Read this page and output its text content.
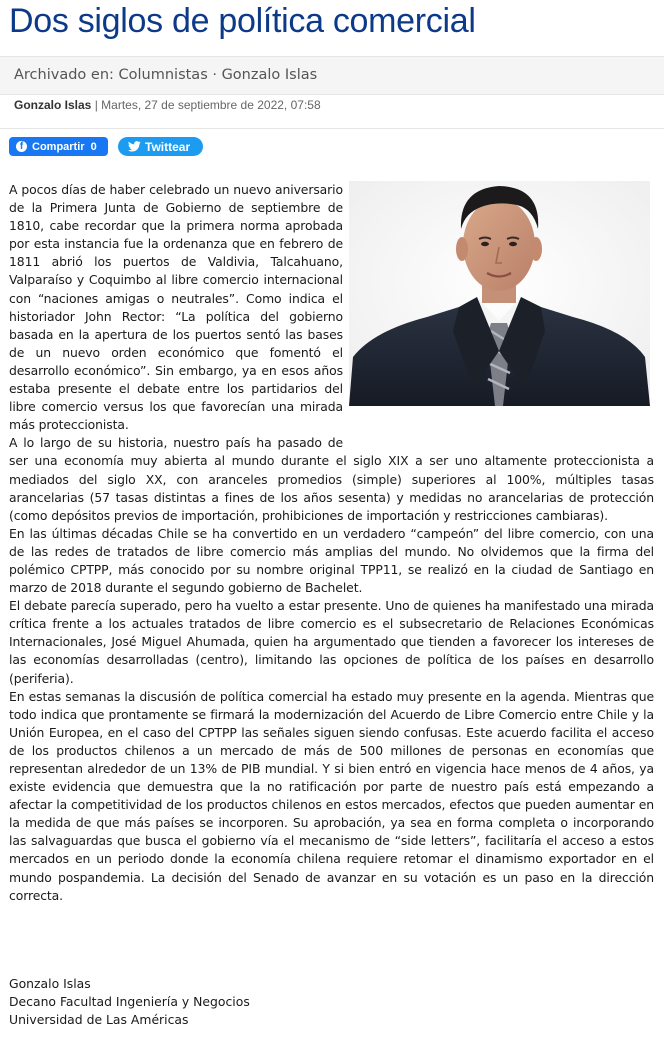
Dos siglos de política comercial
Archivado en: Columnistas · Gonzalo Islas
Gonzalo Islas | Martes, 27 de septiembre de 2022, 07:58
f Compartir 0	Twittear

A pocos días de haber celebrado un nuevo aniversario de la Primera Junta de Gobierno de septiembre de 1810, cabe recordar que la primera norma aprobada por esta instancia fue la ordenanza que en febrero de 1811 abrió los puertos de Valdivia, Talcahuano, Valparaíso y Coquimbo al libre comercio internacional con “naciones amigas o neutrales”. Como indica el historiador John Rector: “La política del gobierno basada en la apertura de los puertos sentó las bases de un nuevo orden económico que fomentó el desarrollo económico”. Sin embargo, ya en esos años estaba presente el debate entre los partidarios del libre comercio versus los que favorecían una mirada más proteccionista.

A lo largo de su historia, nuestro país ha pasado de ser una economía muy abierta al mundo durante el siglo XIX a ser uno altamente proteccionista a mediados del siglo XX, con aranceles promedios (simple) superiores al 100%, múltiples tasas arancelarias (57 tasas distintas a fines de los años sesenta) y medidas no arancelarias de protección (como depósitos previos de importación, prohibiciones de importación y restricciones cambiaras).

En las últimas décadas Chile se ha convertido en un verdadero “campeón” del libre comercio, con una de las redes de tratados de libre comercio más amplias del mundo. No olvidemos que la firma del polémico CPTPP, más conocido por su nombre original TPP11, se realizó en la ciudad de Santiago en marzo de 2018 durante el segundo gobierno de Bachelet.

El debate parecía superado, pero ha vuelto a estar presente. Uno de quienes ha manifestado una mirada crítica frente a los actuales tratados de libre comercio es el subsecretario de Relaciones Económicas Internacionales, José Miguel Ahumada, quien ha argumentado que tienden a favorecer los intereses de las economías desarrolladas (centro), limitando las opciones de política de los países en desarrollo (periferia).

En estas semanas la discusión de política comercial ha estado muy presente en la agenda. Mientras que todo indica que prontamente se firmará la modernización del Acuerdo de Libre Comercio entre Chile y la Unión Europea, en el caso del CPTPP las señales siguen siendo confusas. Este acuerdo facilita el acceso de los productos chilenos a un mercado de más de 500 millones de personas en economías que representan alrededor de un 13% de PIB mundial. Y si bien entró en vigencia hace menos de 4 años, ya existe evidencia que demuestra que la no ratificación por parte de nuestro país está empezando a afectar la competitividad de los productos chilenos en estos mercados, efectos que pueden aumentar en la medida de que más países se incorporen. Su aprobación, ya sea en forma completa o incorporando las salvaguardas que busca el gobierno vía el mecanismo de “side letters”, facilitaría el acceso a estos mercados en un periodo donde la economía chilena requiere retomar el dinamismo exportador en el mundo pospandemia. La decisión del Senado de avanzar en su votación es un paso en la dirección correcta.

Gonzalo Islas
Decano Facultad Ingeniería y Negocios
Universidad de Las Américas
